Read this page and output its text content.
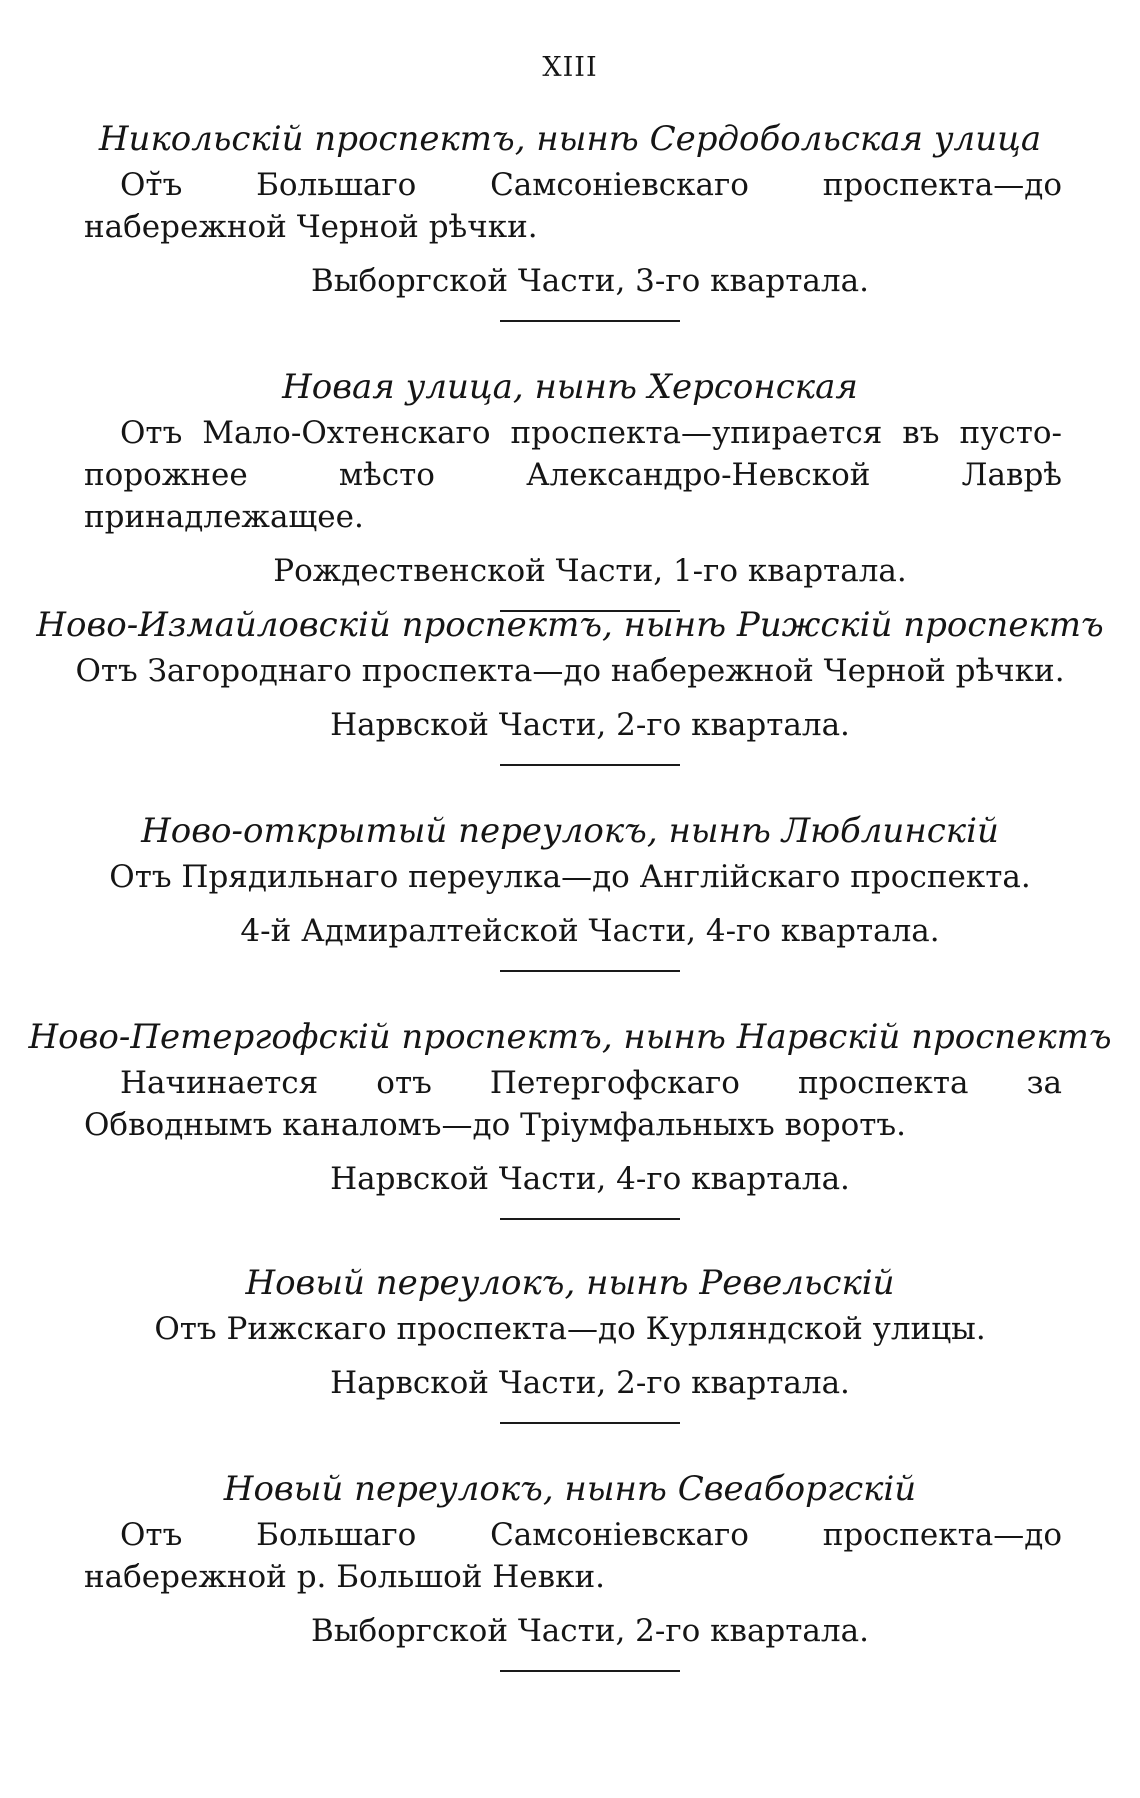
XIII
Никольскій проспектъ, нынѣ Сердобольская улица
От̆ъ Большаго Самсоніевскаго проспекта—до набережной Черной рѣчки.
Выборгской Части, 3-го квартала.
Новая улица, нынѣ Херсонская
Отъ Мало-Охтенскаго проспекта—упирается въ пусто-порожнее мѣсто Александро-Невской Лаврѣ принадлежащее.
Рождественской Части, 1-го квартала.
Ново-Измайловскій проспектъ, нынѣ Рижскій проспектъ
Отъ Загороднаго проспекта—до набережной Черной рѣчки.
Нарвской Части, 2-го квартала.
Ново-открытый переулокъ, нынѣ Люблинскій
Отъ Прядильнаго переулка—до Англійскаго проспекта.
4-й Адмиралтейской Части, 4-го квартала.
Ново-Петергофскій проспектъ, нынѣ Нарвскій проспектъ
Начинается отъ Петергофскаго проспекта за Обводнымъ каналомъ—до Тріумфальныхъ воротъ.
Нарвской Части, 4-го квартала.
Новый переулокъ, нынѣ Ревельскій
Отъ Рижскаго проспекта—до Курляндской улицы.
Нарвской Части, 2-го квартала.
Новый переулокъ, нынѣ Свеаборгскій
Отъ Большаго Самсоніевскаго проспекта—до набережной р. Большой Невки.
Выборгской Части, 2-го квартала.
